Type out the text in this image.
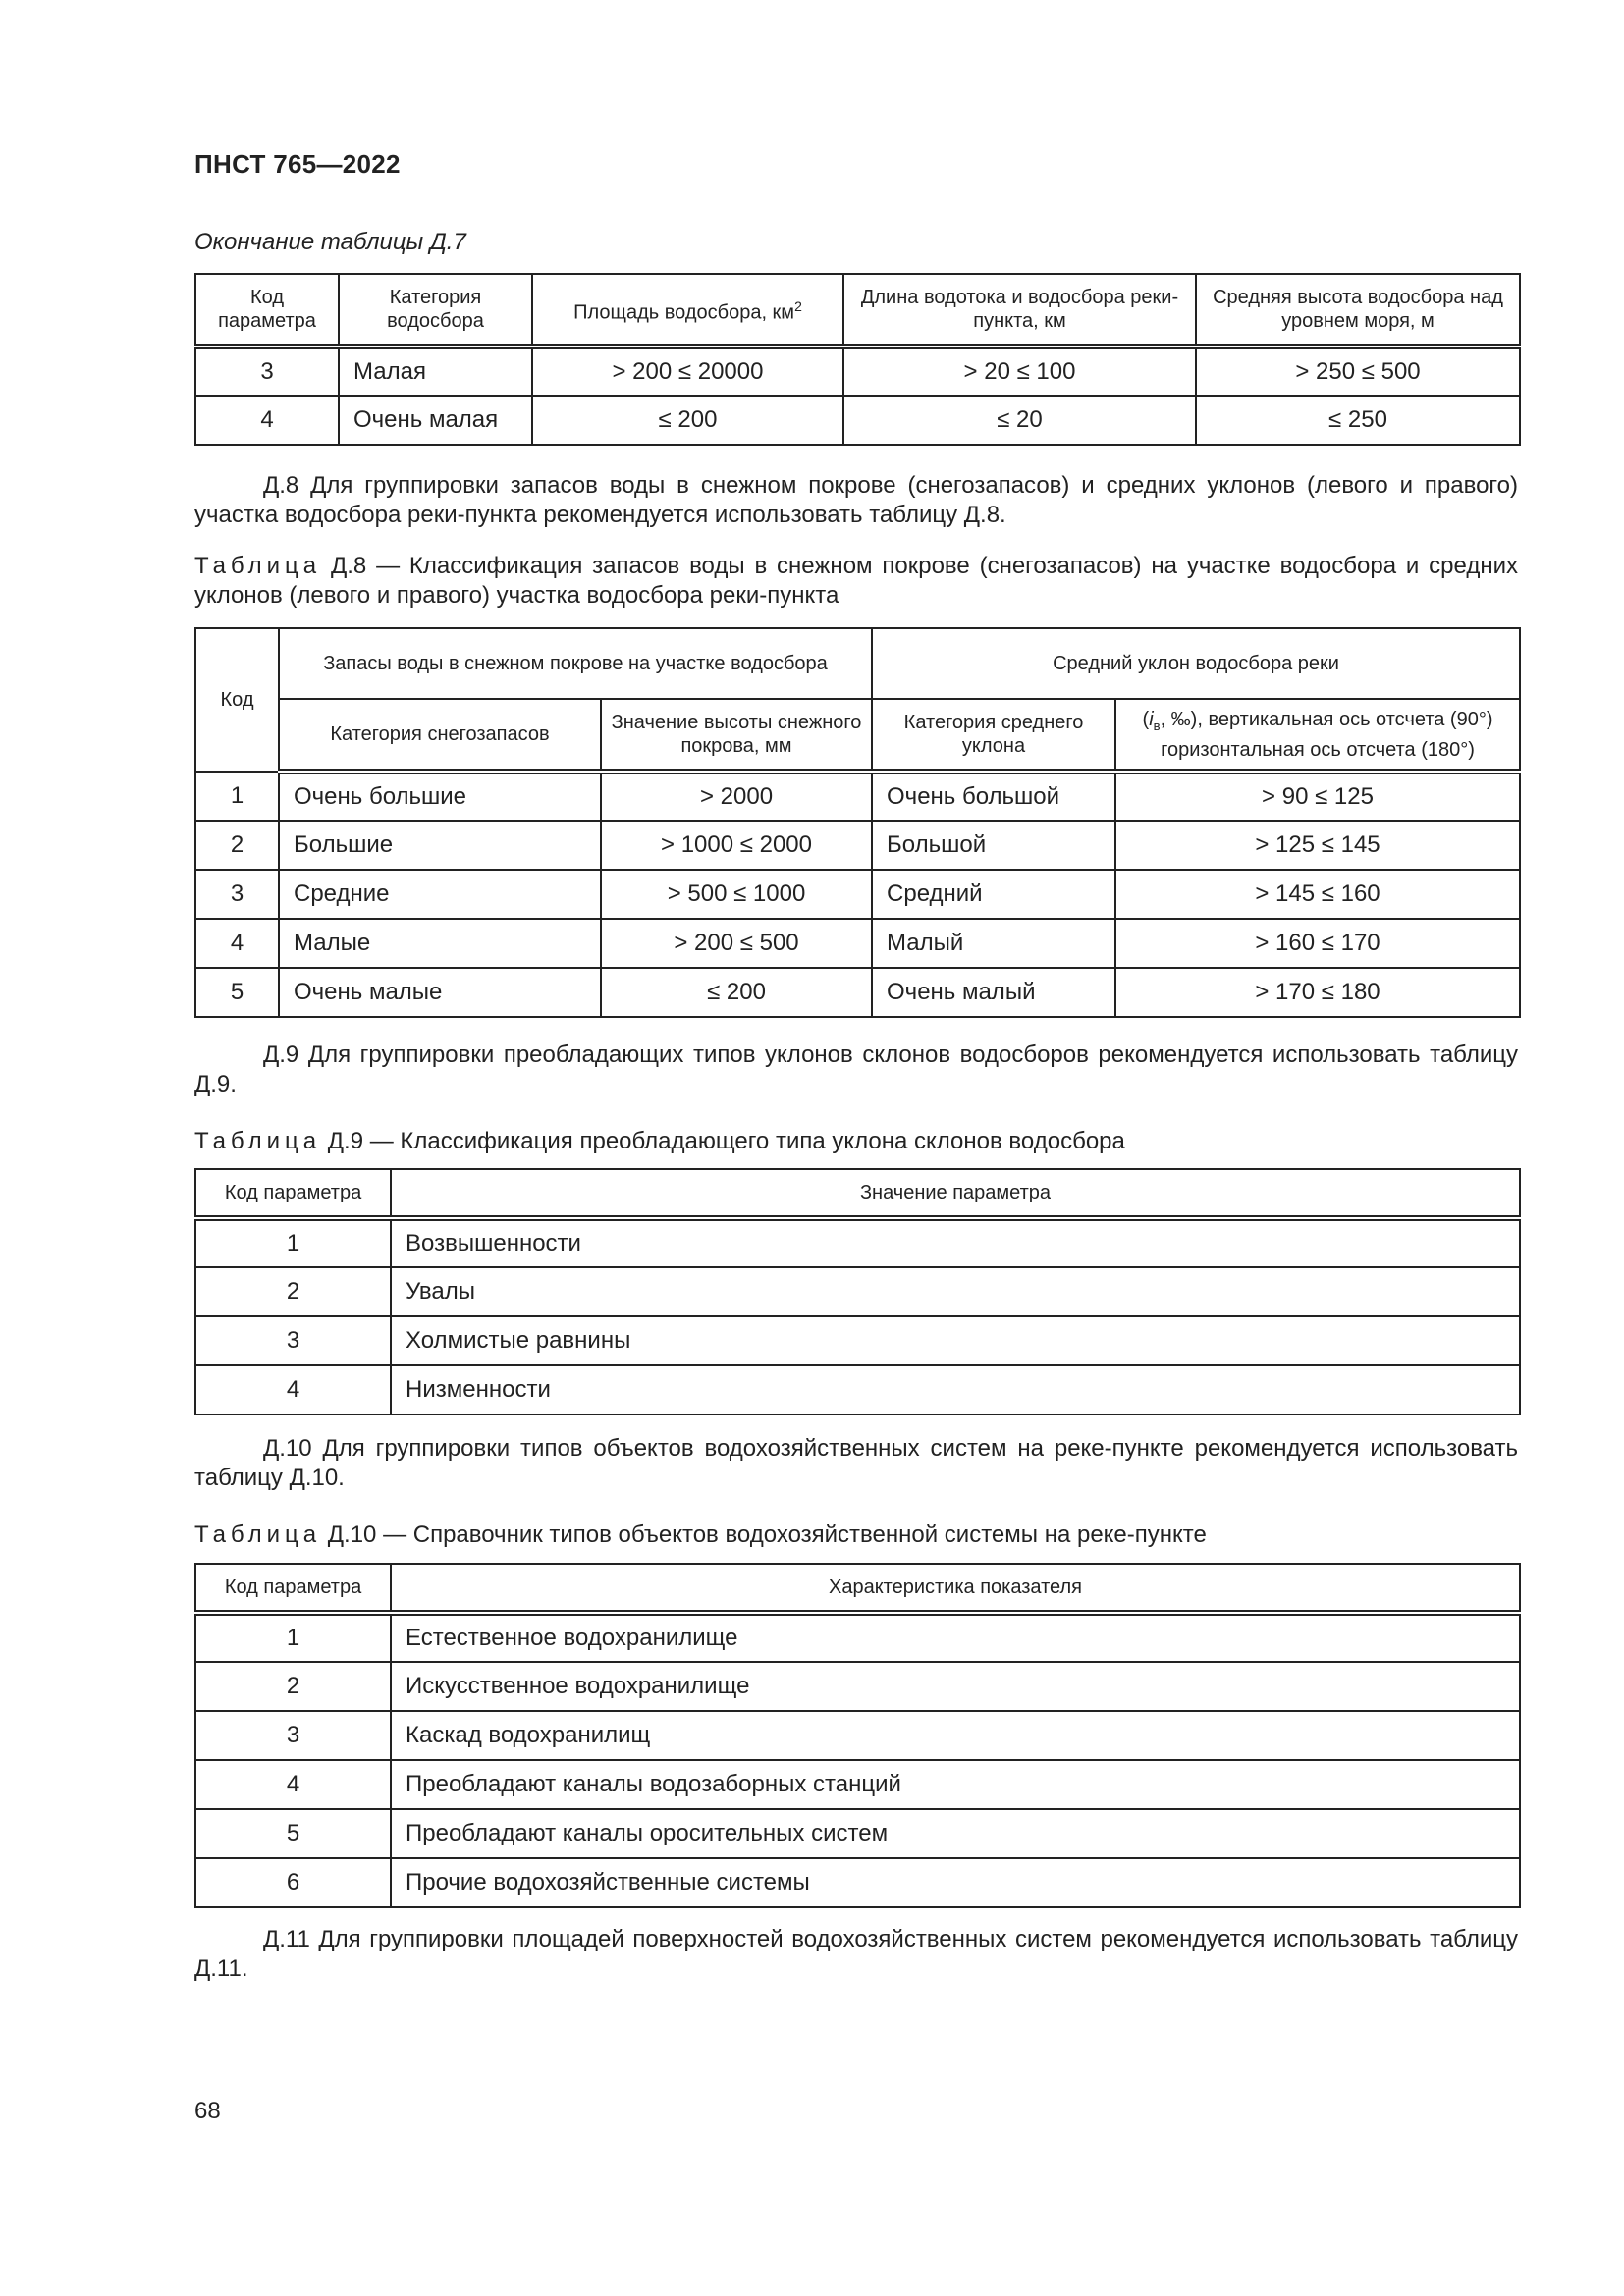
ПНСТ 765—2022
Окончание таблицы Д.7
Код параметра	Категория водосбора	Площадь водосбора, $км^2$	Длина водотока и водосбора реки-пункта, км	Средняя высота водосбора над уровнем моря, м
3	Малая	> 200 ≤ 20000	> 20 ≤ 100	> 250 ≤ 500
4	Очень малая	≤ 200	≤ 20	≤ 250
Д.8 Для группировки запасов воды в снежном покрове (снегозапасов) и средних уклонов (левого и правого) участка водосбора реки-пункта рекомендуется использовать таблицу Д.8.
Таблица Д.8 — Классификация запасов воды в снежном покрове (снегозапасов) на участке водосбора и средних уклонов (левого и правого) участка водосбора реки-пункта
Код	Запасы воды в снежном покрове на участке водосбора		Средний уклон водосбора реки	
	Категория снегозапасов	Значение высоты снежного покрова, мм	Категория среднего уклона	($i_в$, ‰), вертикальная ось отсчета (90°) горизонтальная ось отсчета (180°)
1	Очень большие	> 2000	Очень большой	> 90 ≤ 125
2	Большие	> 1000 ≤ 2000	Большой	> 125 ≤ 145
3	Средние	> 500 ≤ 1000	Средний	> 145 ≤ 160
4	Малые	> 200 ≤ 500	Малый	> 160 ≤ 170
5	Очень малые	≤ 200	Очень малый	> 170 ≤ 180
Д.9 Для группировки преобладающих типов уклонов склонов водосборов рекомендуется использовать таблицу Д.9.
Таблица Д.9 — Классификация преобладающего типа уклона склонов водосбора
Код параметра	Значение параметра
1	Возвышенности
2	Увалы
3	Холмистые равнины
4	Низменности
Д.10 Для группировки типов объектов водохозяйственных систем на реке-пункте рекомендуется использовать таблицу Д.10.
Таблица Д.10 — Справочник типов объектов водохозяйственной системы на реке-пункте
Код параметра	Характеристика показателя
1	Естественное водохранилище
2	Искусственное водохранилище
3	Каскад водохранилищ
4	Преобладают каналы водозаборных станций
5	Преобладают каналы оросительных систем
6	Прочие водохозяйственные системы
Д.11 Для группировки площадей поверхностей водохозяйственных систем рекомендуется использовать таблицу Д.11.
68
